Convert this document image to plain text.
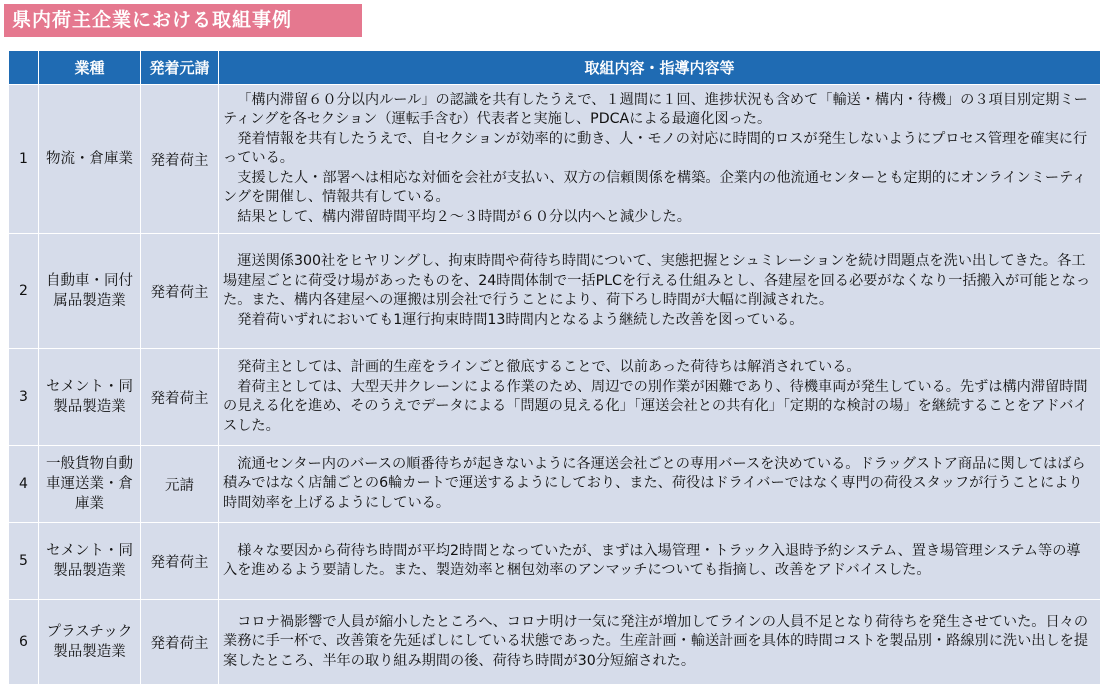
県内荷主企業における取組事例
	業種	発着元請	取組内容・指導内容等
1	物流・倉庫業	発着荷主	「構内滞留６０分以内ルール」の認識を共有したうえで、１週間に１回、進捗状況も含めて「輸送・構内・待機」の３項目別定期ミーティングを各セクション（運転手含む）代表者と実施し、PDCAによる最適化図った。

発着情報を共有したうえで、自セクションが効率的に動き、人・モノの対応に時間的ロスが発生しないようにプロセス管理を確実に行っている。

支援した人・部署へは相応な対価を会社が支払い、双方の信頼関係を構築。企業内の他流通センターとも定期的にオンラインミーティングを開催し、情報共有している。

結果として、構内滞留時間平均２～３時間が６０分以内へと減少した。

2	自動車・同付属品製造業	発着荷主	運送関係300社をヒヤリングし、拘束時間や荷待ち時間について、実態把握とシュミレーションを続け問題点を洗い出してきた。各工場建屋ごとに荷受け場があったものを、24時間体制で一括PLCを行える仕組みとし、各建屋を回る必要がなくなり一括搬入が可能となった。また、構内各建屋への運搬は別会社で行うことにより、荷下ろし時間が大幅に削減された。

発着荷いずれにおいても1運行拘束時間13時間内となるよう継続した改善を図っている。

3	セメント・同製品製造業	発着荷主	発荷主としては、計画的生産をラインごと徹底することで、以前あった荷待ちは解消されている。

着荷主としては、大型天井クレーンによる作業のため、周辺での別作業が困難であり、待機車両が発生している。先ずは構内滞留時間の見える化を進め、そのうえでデータによる「問題の見える化」「運送会社との共有化」「定期的な検討の場」を継続することをアドバイスした。

4	一般貨物自動車運送業・倉庫業	元請	流通センター内のバースの順番待ちが起きないように各運送会社ごとの専用バースを決めている。ドラッグストア商品に関してはばら積みではなく店舗ごとの6輪カートで運送するようにしており、また、荷役はドライバーではなく専門の荷役スタッフが行うことにより時間効率を上げるようにしている。

5	セメント・同製品製造業	発着荷主	様々な要因から荷待ち時間が平均2時間となっていたが、まずは入場管理・トラック入退時予約システム、置き場管理システム等の導入を進めるよう要請した。また、製造効率と梱包効率のアンマッチについても指摘し、改善をアドバイスした。

6	プラスチック製品製造業	発着荷主	コロナ禍影響で人員が縮小したところへ、コロナ明け一気に発注が増加してラインの人員不足となり荷待ちを発生させていた。日々の業務に手一杯で、改善策を先延ばしにしている状態であった。生産計画・輸送計画を具体的時間コストを製品別・路線別に洗い出しを提案したところ、半年の取り組み期間の後、荷待ち時間が30分短縮された。
